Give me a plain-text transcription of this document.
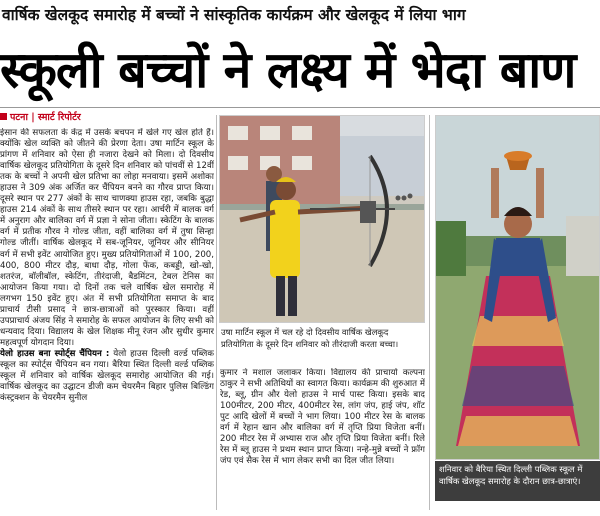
वार्षिक खेलकूद समारोह में बच्चों ने सांस्कृतिक कार्यक्रम और खेलकूद में लिया भाग
स्कूली बच्चों ने लक्ष्य में भेदा बाण
पटना | स्मार्ट रिपोर्टर

ईसान की सफलता के केंद्र में उसके बचपन में खेले गए खेल होते हैं। क्योंकि खेल व्यक्ति को जीतने की प्रेरणा देता। उषा मार्टिन स्कूल के प्रांगण में शनिवार को ऐसा ही नजारा देखने को मिला। दो दिवसीय वार्षिक खेलकूद प्रतियोगिता के दूसरे दिन शनिवार को पांचवीं से 12वीं तक के बच्चों ने अपनी खेल प्रतिभा का लोहा मनवाया। इसमें अशोका हाउस ने 309 अंक अर्जित कर चैंपियन बनने का गौरव प्राप्त किया। दूसरे स्थान पर 277 अंकों के साथ चाणक्या हाउस रहा, जबकि बुद्धा हाउस 214 अंकों के साथ तीसरे स्थान पर रहा। आर्चरी में बालक वर्ग में अनुराग और बालिका वर्ग में प्रज्ञा ने सोना जीता। स्केटिंग के बालक वर्ग में प्रतीक गौरव ने गोल्ड जीता, वहीं बालिका वर्ग में तुषा सिन्हा गोल्ड जीतीं। वार्षिक खेलकूद में सब-जूनियर, जूनियर और सीनियर वर्ग में सभी इवेंट आयोजित हुए। मुख्य प्रतियोगिताओं में 100, 200, 400, 800 मीटर दौड़, बाधा दौड़, गोला फेंक, कबड्डी, खो-खो, शतरंज, बॉलीबॉल, स्केटिंग, तीरंदाजी, बैडमिंटन, टेबल टेनिस का आयोजन किया गया। दो दिनों तक चले वार्षिक खेल समारोह में लगभग 150 इवेंट हुए। अंत में सभी प्रतियोगिता समाप्त के बाद प्राचार्य टीसी प्रसाद ने छात्र-छात्राओं को पुरस्कार किया। वहीं उपप्राचार्य अंजय सिंह ने समारोह के सफल आयोजन के लिए सभी को धन्यवाद दिया। विद्यालय के खेल शिक्षक मीनू रंजन और सुधीर कुमार महत्वपूर्ण योगदान दिया।

येलो हाउस बना स्पोर्ट्स चैंपियन : येलो हाउस दिल्ली वर्ल्ड पब्लिक स्कूल का स्पोर्ट्स चैंपियन बन गया। बैरिया स्थित दिल्ली वर्ल्ड पब्लिक स्कूल में शनिवार को वार्षिक खेलकूद समारोह आयोजित की गई। वार्षिक खेलकूद का उद्घाटन डीजी कम चेयरमैन बिहार पुलिस बिल्डिंग कंस्ट्रक्शन के चेयरमैन सुनील

उषा मार्टिन स्कूल में चल रहे दो दिवसीय वार्षिक खेलकूद प्रतियोगिता के दूसरे दिन शनिवार को तीरंदाजी करता बच्चा।

कुमार ने मशाल जलाकर किया। विद्यालय की प्राचार्या कल्पना ठाकुर ने सभी अतिथियों का स्वागत किया। कार्यक्रम की शुरुआत में रेड, ब्लू, ग्रीन और येलो हाउस ने मार्च पास्ट किया। इसके बाद 100मीटर, 200 मीटर, 400मीटर रेस, लांग जंप, हाई जंप, शॉट पुट आदि खेलों में बच्चों ने भाग लिया। 100 मीटर रेस के बालक वर्ग में रेहान खान और बालिका वर्ग में तृप्ति प्रिया विजेता बनीं। 200 मीटर रेस में अभ्यास राज और तृप्ति प्रिया विजेता बनीं। रिले रेस में ब्लू हाउस ने प्रथम स्थान प्राप्त किया। नन्हे-मुन्ने बच्चों ने फ्रॉग जंप एवं सैक रेस में भाग लेकर सभी का दिल जीत लिया।

शनिवार को बैरिया स्थित दिल्ली पब्लिक स्कूल में वार्षिक खेलकूद समारोह के दौरान छात्र-छात्राएं।
